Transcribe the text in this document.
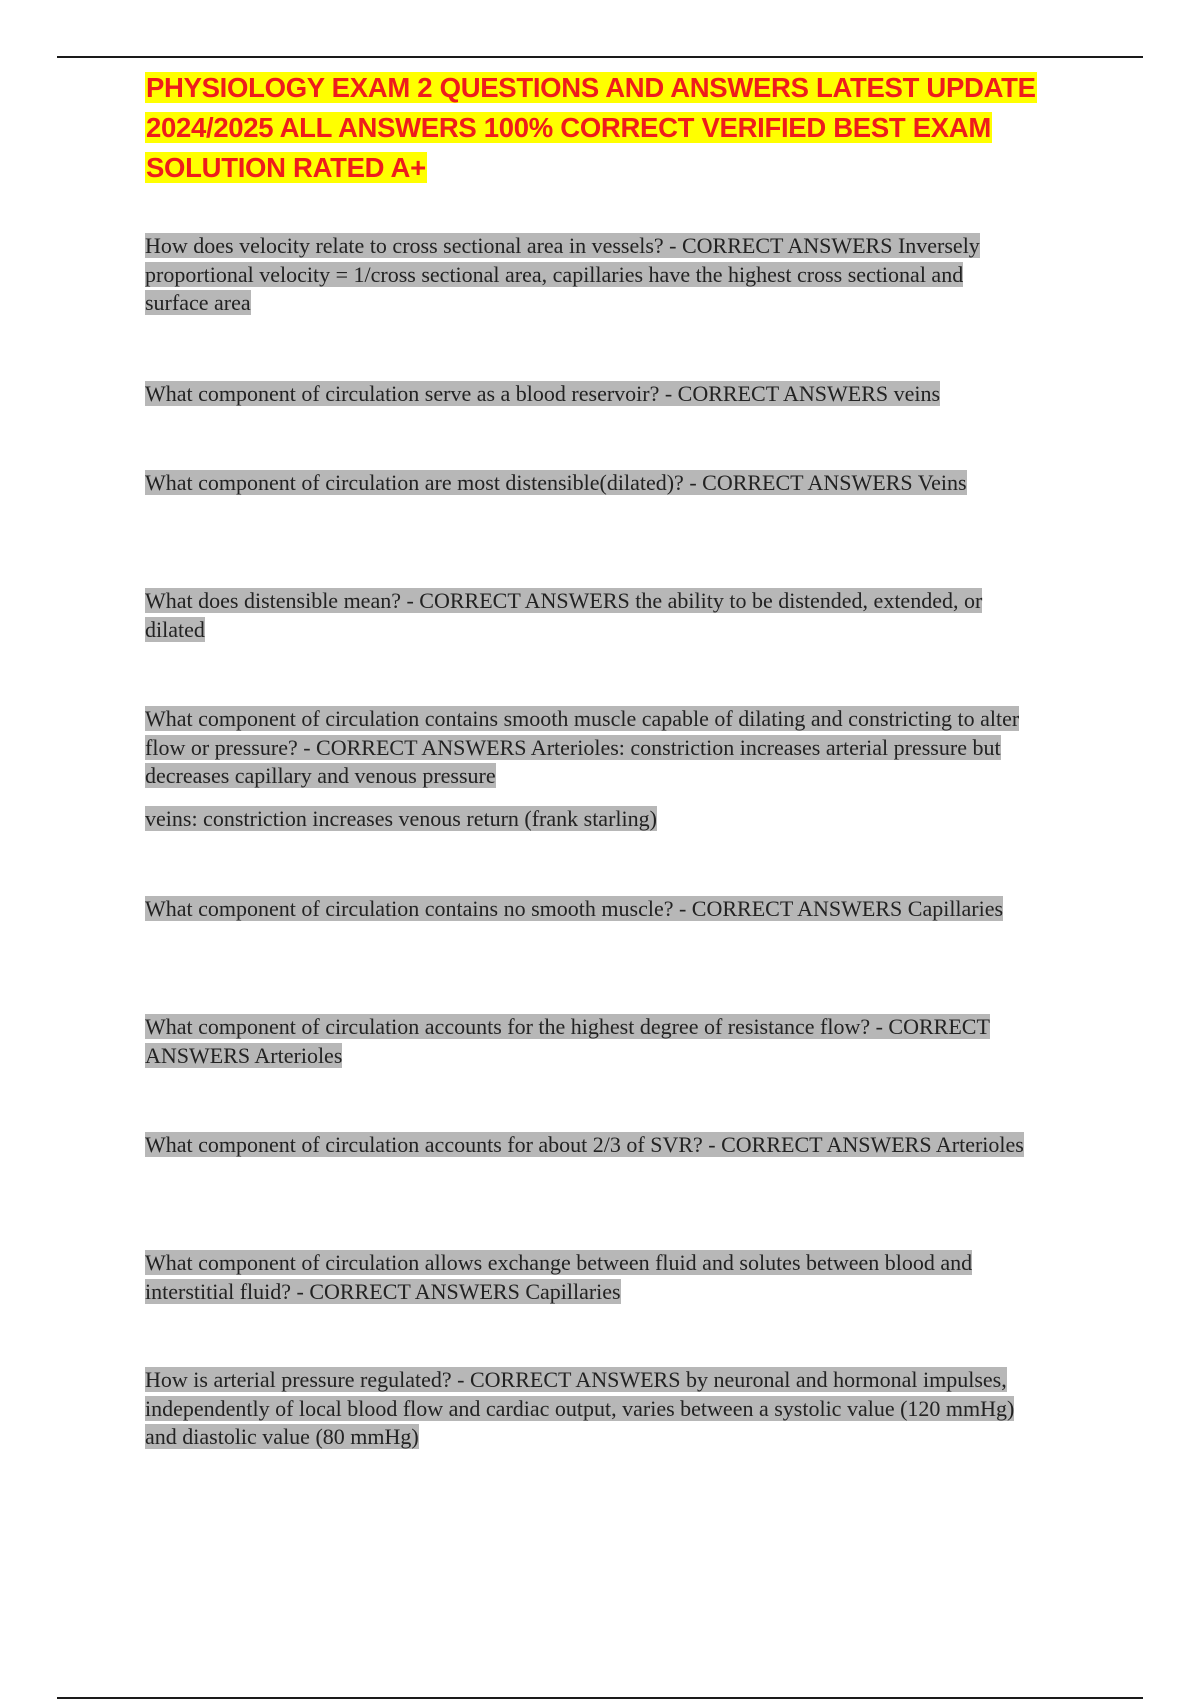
PHYSIOLOGY EXAM 2 QUESTIONS AND ANSWERS LATEST UPDATE 2024/2025 ALL ANSWERS 100% CORRECT VERIFIED BEST EXAM SOLUTION RATED A+

How does velocity relate to cross sectional area in vessels? - CORRECT ANSWERS Inversely proportional velocity = 1/cross sectional area, capillaries have the highest cross sectional and surface area

What component of circulation serve as a blood reservoir? - CORRECT ANSWERS veins

What component of circulation are most distensible(dilated)? - CORRECT ANSWERS Veins

What does distensible mean? - CORRECT ANSWERS the ability to be distended, extended, or dilated

What component of circulation contains smooth muscle capable of dilating and constricting to alter flow or pressure? - CORRECT ANSWERS Arterioles: constriction increases arterial pressure but decreases capillary and venous pressure

veins: constriction increases venous return (frank starling)

What component of circulation contains no smooth muscle? - CORRECT ANSWERS Capillaries

What component of circulation accounts for the highest degree of resistance flow? - CORRECT ANSWERS Arterioles

What component of circulation accounts for about 2/3 of SVR? - CORRECT ANSWERS Arterioles

What component of circulation allows exchange between fluid and solutes between blood and interstitial fluid? - CORRECT ANSWERS Capillaries

How is arterial pressure regulated? - CORRECT ANSWERS by neuronal and hormonal impulses, independently of local blood flow and cardiac output, varies between a systolic value (120 mmHg) and diastolic value (80 mmHg)
